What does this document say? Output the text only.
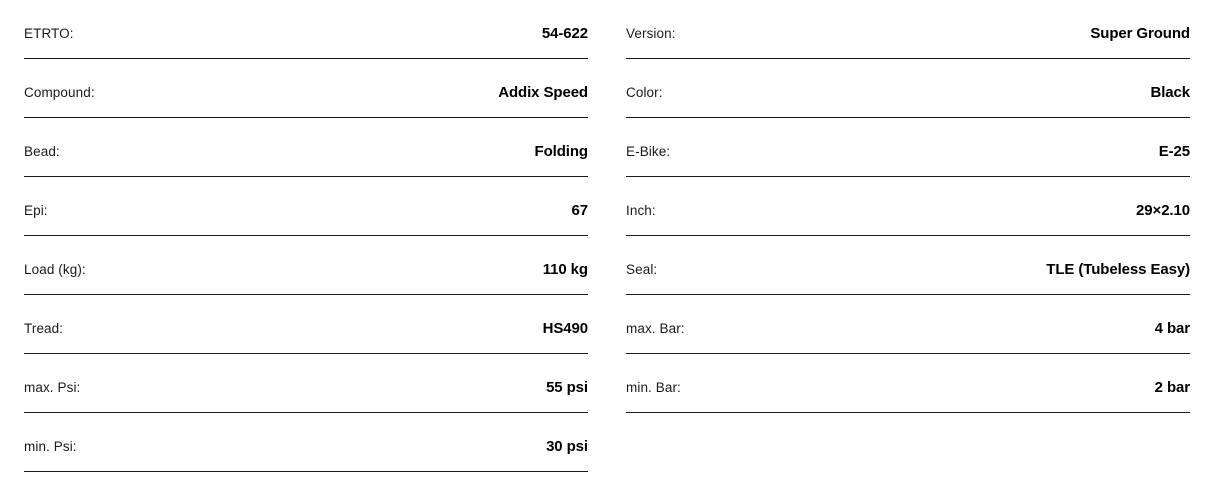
ETRTO:	54-622
Compound:	Addix Speed
Bead:	Folding
Epi:	67
Load (kg):	110 kg
Tread:	HS490
max. Psi:	55 psi
min. Psi:	30 psi
Version:	Super Ground
Color:	Black
E-Bike:	E-25
Inch:	29×2.10
Seal:	TLE (Tubeless Easy)
max. Bar:	4 bar
min. Bar:	2 bar
